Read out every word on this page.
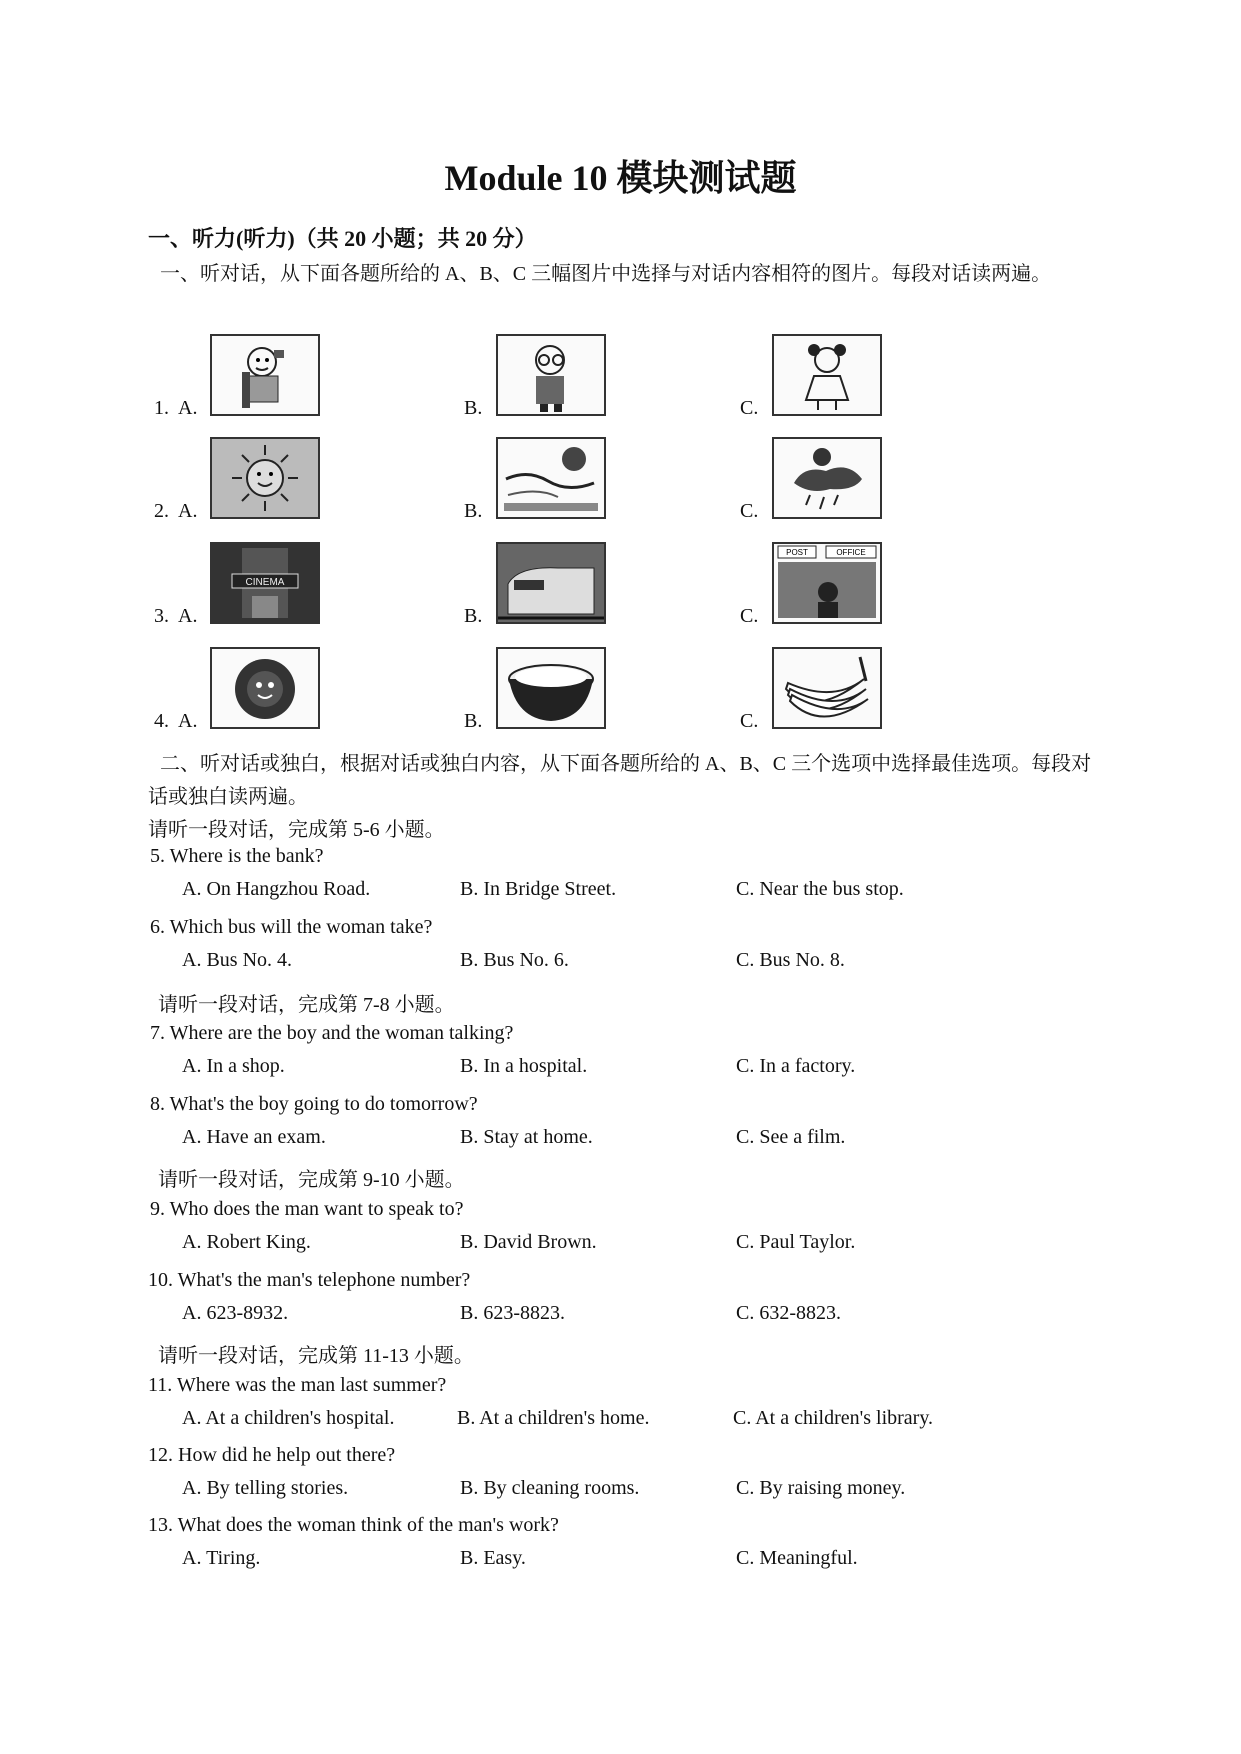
Module 10 模块测试题
一、听力(听力)（共 20 小题；共 20 分）
一、听对话，从下面各题所给的 A、B、C 三幅图片中选择与对话内容相符的图片。每段对话读两遍。
1. A.	B.	C.
2. A.	B.	C.
3. A.
CINEMA
B.	C.
POST	OFFICE
4. A.	B.	C.
二、听对话或独白，根据对话或独白内容，从下面各题所给的 A、B、C 三个选项中选择最佳选项。每段对话或独白读两遍。
请听一段对话，完成第 5-6 小题。
5. Where is the bank?
A. On Hangzhou Road.	B. In Bridge Street.	C. Near the bus stop.
6. Which bus will the woman take?
A. Bus No. 4.	B. Bus No. 6.	C. Bus No. 8.
请听一段对话，完成第 7-8 小题。
7. Where are the boy and the woman talking?
A. In a shop.	B. In a hospital.	C. In a factory.
8. What's the boy going to do tomorrow?
A. Have an exam.	B. Stay at home.	C. See a film.
请听一段对话，完成第 9-10 小题。
9. Who does the man want to speak to?
A. Robert King.	B. David Brown.	C. Paul Taylor.
10. What's the man's telephone number?
A. 623-8932.	B. 623-8823.	C. 632-8823.
请听一段对话，完成第 11-13 小题。
11. Where was the man last summer?
A. At a children's hospital.	B. At a children's home.	C. At a children's library.
12. How did he help out there?
A. By telling stories.	B. By cleaning rooms.	C. By raising money.
13. What does the woman think of the man's work?
A. Tiring.	B. Easy.	C. Meaningful.
